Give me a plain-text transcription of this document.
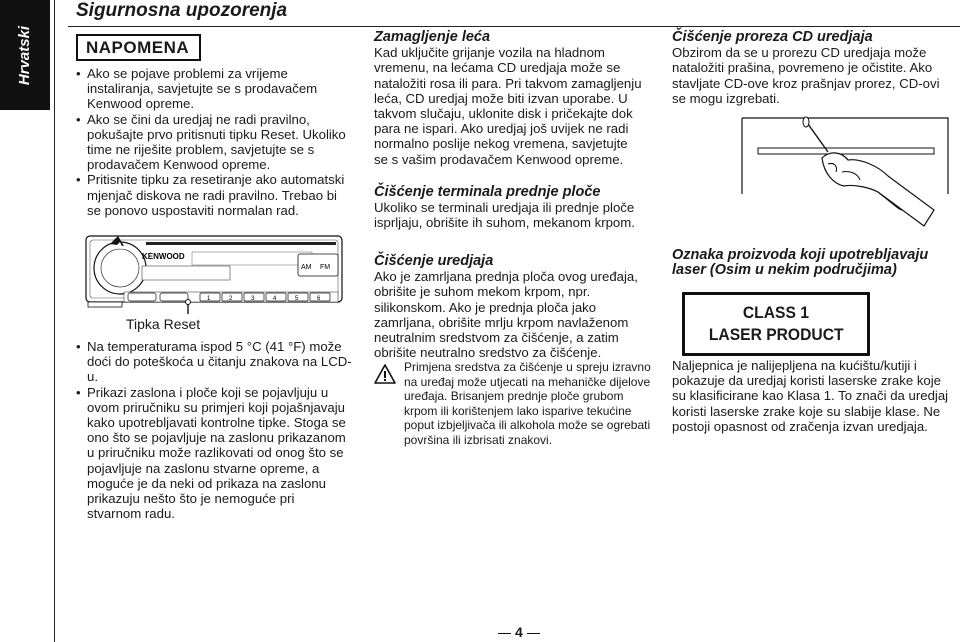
Hrvatski
Sigurnosna upozorenja
NAPOMENA

• Ako se pojave problemi za vrijeme instaliranja, savjetujte se s prodavačem Kenwood opreme.

• Ako se čini da uredjaj ne radi pravilno, pokušajte prvo pritisnuti tipku Reset. Ukoliko time ne riješite problem, savjetujte se s prodavačem Kenwood opreme.

• Pritisnite tipku za resetiranje ako automatski mjenjač diskova ne radi pravilno. Trebao bi se ponovo uspostaviti normalan rad.

KENWOOD
AM FM
1	2	3	4	5	6
Tipka Reset

• Na temperaturama ispod 5 °C (41 °F) može doći do poteškoća u čitanju znakova na LCD-u.

• Prikazi zaslona i ploče koji se pojavljuju u ovom priručniku su primjeri koji pojašnjavaju kako upotrebljavati kontrolne tipke. Stoga se ono što se pojavljuje na zaslonu prikazanom u priručniku može razlikovati od onog što se pojavljuje na zaslonu stvarne opreme, a moguće je da neki od prikaza na zaslonu prikazuju nešto što je nemoguće pri stvarnom radu.

Zamagljenje leća

Kad uključite grijanje vozila na hladnom vremenu, na lećama CD uredjaja može se nataložiti rosa ili para. Pri takvom zamagljenju leća, CD uredjaj može biti izvan uporabe. U takvom slučaju, uklonite disk i pričekajte dok para ne ispari. Ako uredjaj još uvijek ne radi normalno poslije nekog vremena, savjetujte se s vašim prodavačem Kenwood opreme.

Čišćenje terminala prednje ploče

Ukoliko se terminali uredjaja ili prednje ploče isprljaju, obrišite ih suhom, mekanom krpom.

Čišćenje uredjaja

Ako je zamrljana prednja ploča ovog uređaja, obrišite je suhom mekom krpom, npr. silikonskom. Ako je prednja ploča jako zamrljana, obrišite mrlju krpom navlaženom neutralnim sredstvom za čišćenje, a zatim obrišite neutralno sredstvo za čišćenje.

Primjena sredstva za čišćenje u spreju izravno na uređaj može utjecati na mehaničke dijelove uređaja. Brisanjem prednje ploče grubom krpom ili korištenjem lako isparive tekućine poput izbjeljivača ili alkohola može se ogrebati površina ili izbrisati znakovi.

Čišćenje proreza CD uredjaja

Obzirom da se u prorezu CD uredjaja može nataložiti prašina, povremeno je očistite. Ako stavljate CD-ove kroz prašnjav prorez, CD-ovi se mogu izgrebati.

Oznaka proizvoda koji upotrebljavaju laser (Osim u nekim područjima)

CLASS 1
LASER PRODUCT

Naljepnica je nalijepljena na kućištu/kutiji i pokazuje da uredjaj koristi laserske zrake koje su klasificirane kao Klasa 1. To znači da uredjaj koristi laserske zrake koje su slabije klase. Ne postoji opasnost od zračenja izvan uredjaja.

4
